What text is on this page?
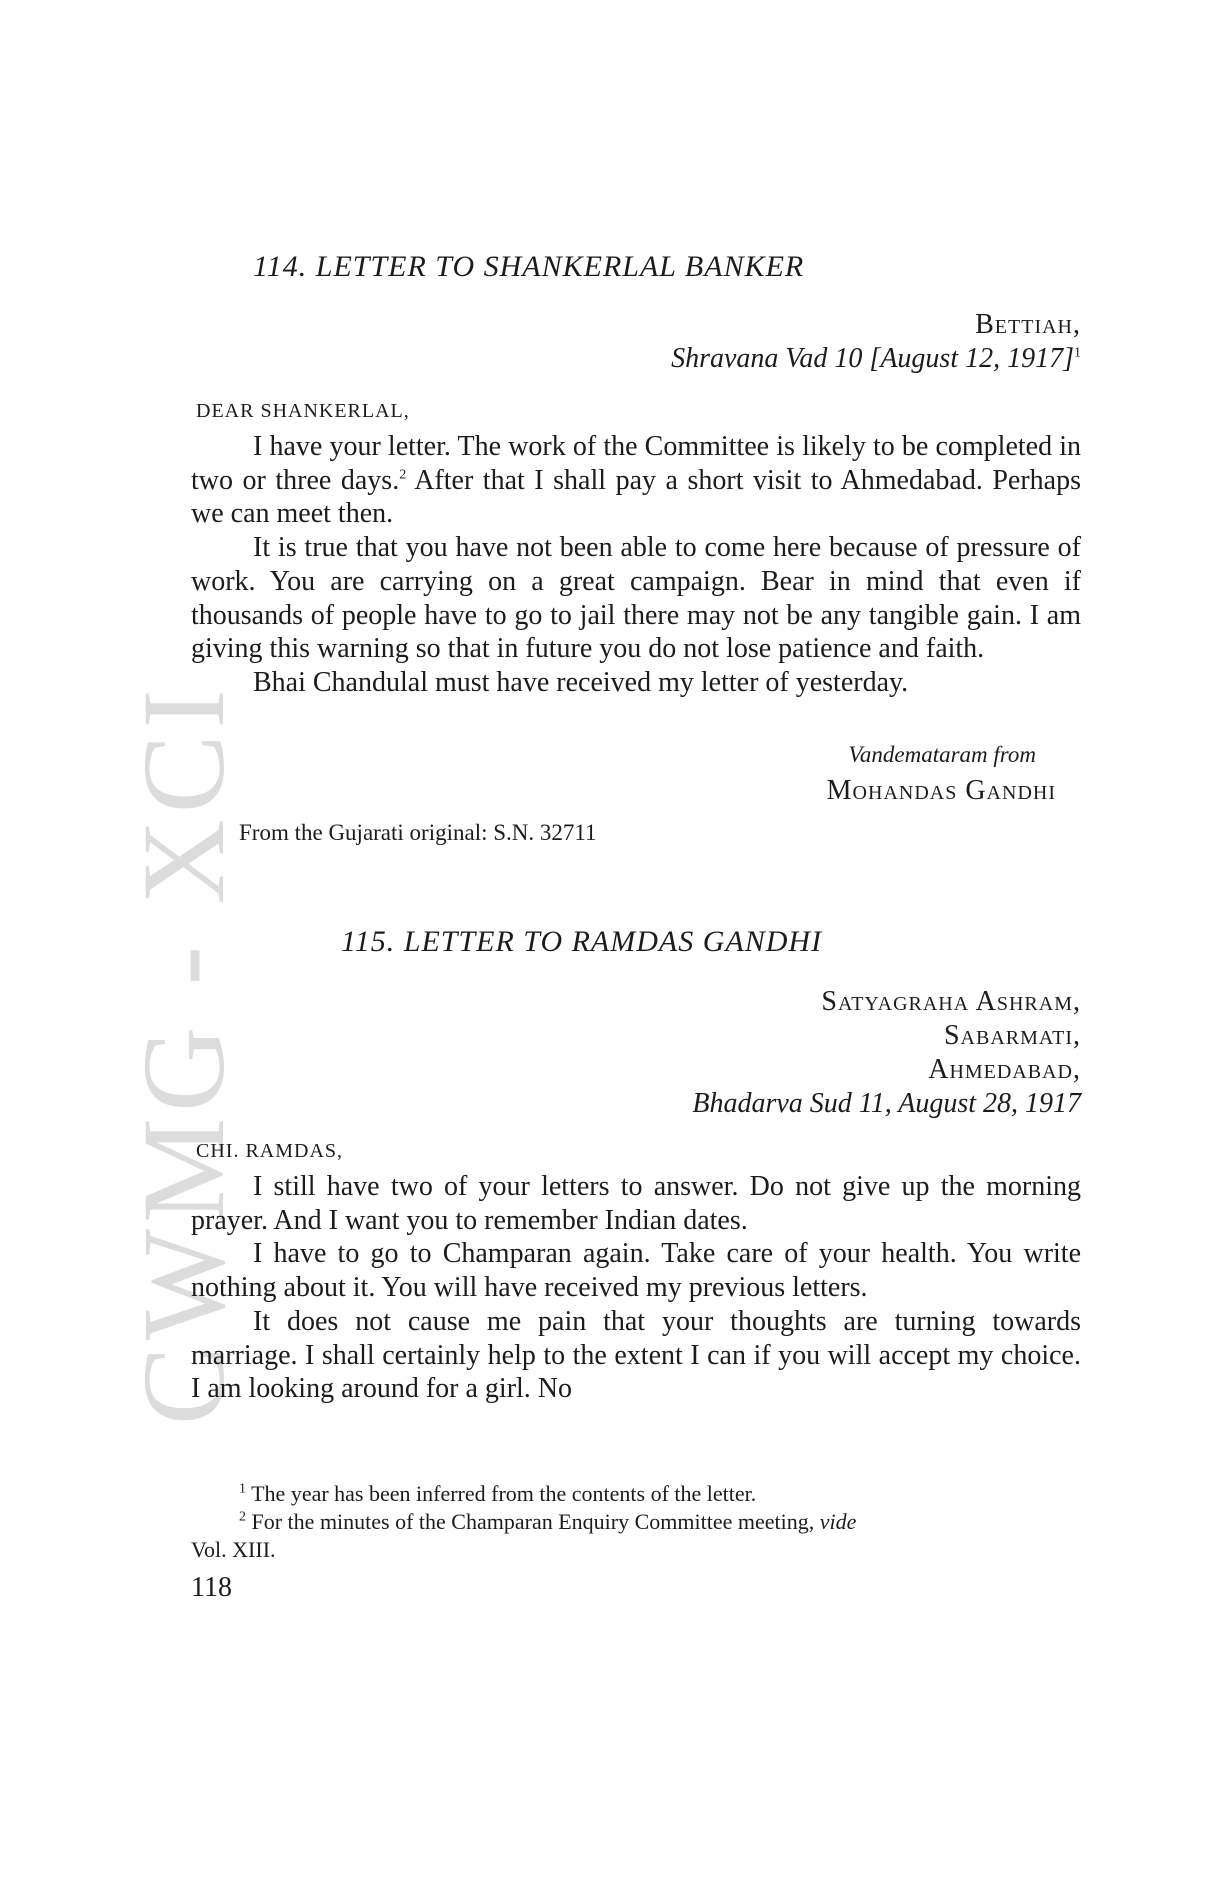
CWMG XCI
114. LETTER TO SHANKERLAL BANKER
Bettiah,
Shravana Vad 10 [August 12, 1917]$^1$
DEAR SHANKERLAL,

I have your letter. The work of the Committee is likely to be completed in two or three days.$^2$ After that I shall pay a short visit to Ahmedabad. Perhaps we can meet then.

It is true that you have not been able to come here because of pressure of work. You are carrying on a great campaign. Bear in mind that even if thousands of people have to go to jail there may not be any tangible gain. I am giving this warning so that in future you do not lose patience and faith.

Bhai Chandulal must have received my letter of yesterday.

Vandemataram from
Mohandas Gandhi
From the Gujarati original: S.N. 32711
115. LETTER TO RAMDAS GANDHI
Satyagraha Ashram,
Sabarmati,
Ahmedabad,
Bhadarva Sud 11, August 28, 1917
CHI. RAMDAS,

I still have two of your letters to answer. Do not give up the morning prayer. And I want you to remember Indian dates.

I have to go to Champaran again. Take care of your health. You write nothing about it. You will have received my previous letters.

It does not cause me pain that your thoughts are turning towards marriage. I shall certainly help to the extent I can if you will accept my choice. I am looking around for a girl. No

$^1$ The year has been inferred from the contents of the letter.

$^2$ For the minutes of the Champaran Enquiry Committee meeting, vide

Vol. XIII.

118
